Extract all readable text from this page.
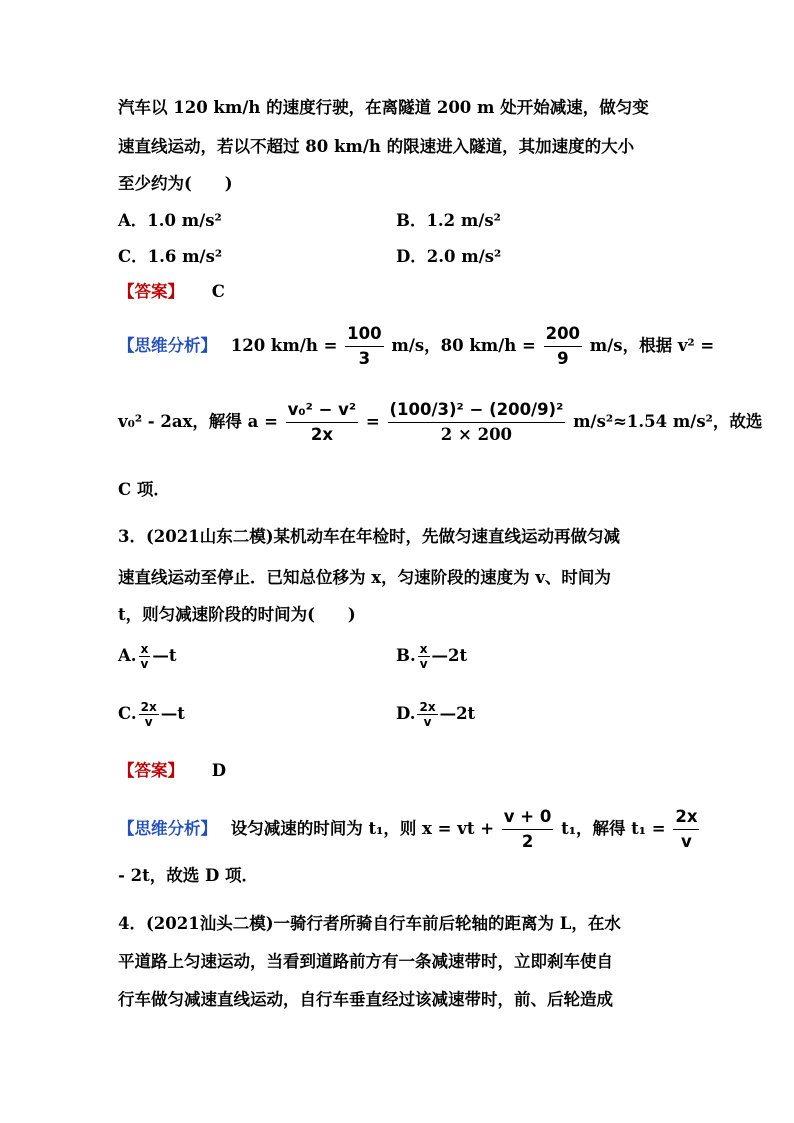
汽车以 120 km/h 的速度行驶，在离隧道 200 m 处开始减速，做匀变
速直线运动，若以不超过 80 km/h 的限速进入隧道，其加速度的大小
至少约为(　　)
A．1.0 m/s²	B．1.2 m/s²
C．1.6 m/s²	D．2.0 m/s²
【答案】 C
【思维分析】 120 $km/h = \frac{100}{3} m/s$，80 $km/h = \frac{200}{9} m/s$，根据 v² =
v₀² - 2ax，解得 $a = \frac{\text{v₀² − v²}}{2x} = \frac{\text{(100/3)² − (200/9)²}}{2 \times 200} m/s^2\approx 1.54$ m/s²，故选
C 项．
3．(2021山东二模)某机动车在年检时，先做匀速直线运动再做匀减
速直线运动至停止．已知总位移为 x，匀速阶段的速度为 v、时间为
t，则匀减速阶段的时间为(　　)
A. $\frac{x}{v}$ —t	B. $\frac{x}{v}$ —2t
C. $\frac{2x}{v}$ —t	D. $\frac{2x}{v}$ —2t
【答案】 D
【思维分析】 设匀减速的时间为 t₁，则 x = vt + $\frac{v + 0}{2} t_1$，解得 $t_1 = \frac{2x}{v}$
- 2t，故选 D 项．
4．(2021汕头二模)一骑行者所骑自行车前后轮轴的距离为 L，在水
平道路上匀速运动，当看到道路前方有一条减速带时，立即刹车使自
行车做匀减速直线运动，自行车垂直经过该减速带时，前、后轮造成
